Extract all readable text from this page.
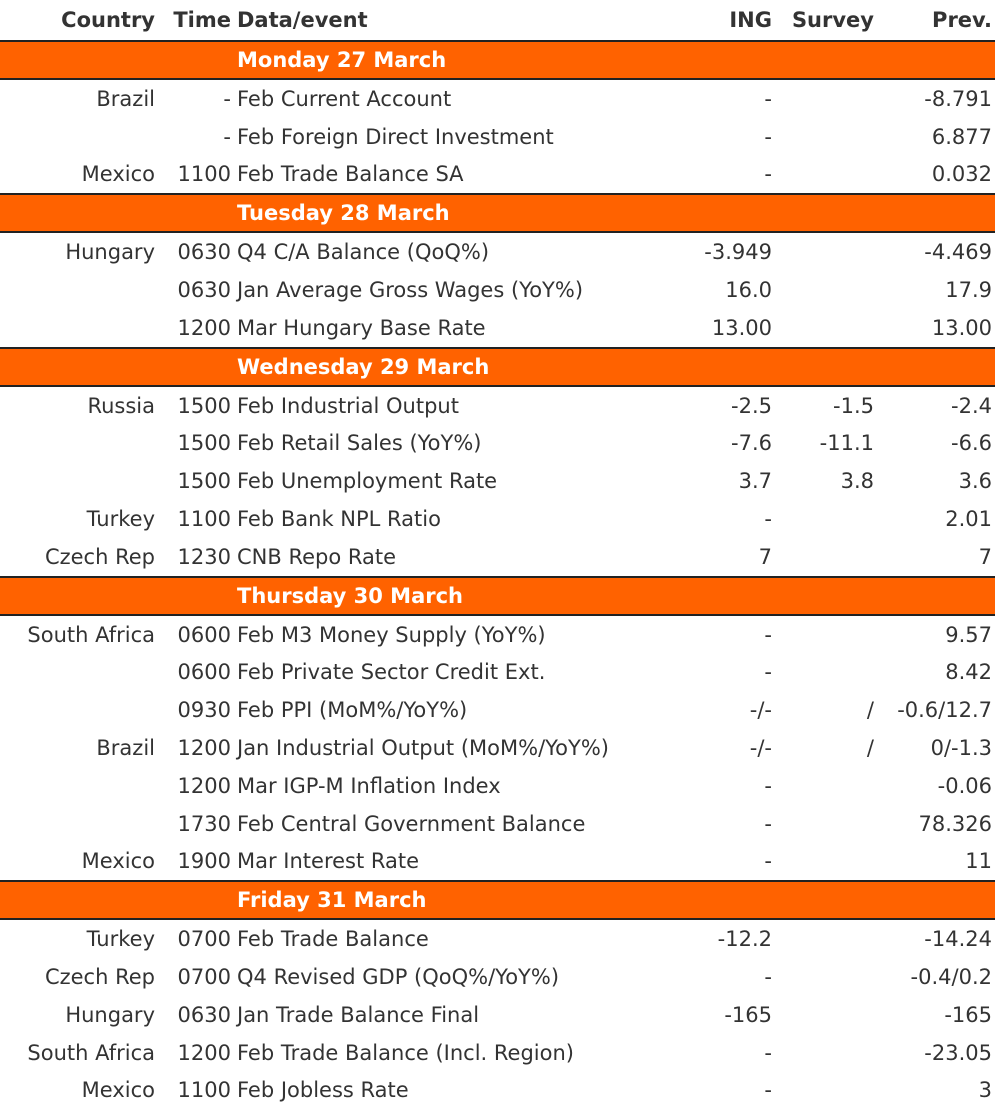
Country Time Data/event	ING Survey	Prev.
Monday 27 March
Brazil	- Feb Current Account	-	-8.791
- Feb Foreign Direct Investment	-	6.877
Mexico	1100 Feb Trade Balance SA	-	0.032
Tuesday 28 March
Hungary	0630 Q4 C/A Balance (QoQ%)	-3.949	-4.469
0630 Jan Average Gross Wages (YoY%)	16.0	17.9
1200 Mar Hungary Base Rate	13.00	13.00
Wednesday 29 March
Russia	1500 Feb Industrial Output	-2.5	-1.5	-2.4
1500 Feb Retail Sales (YoY%)	-7.6	-11.1	-6.6
1500 Feb Unemployment Rate	3.7	3.8	3.6
Turkey	1100 Feb Bank NPL Ratio	-	2.01
Czech Rep	1230 CNB Repo Rate	7	7
Thursday 30 March
South Africa	0600 Feb M3 Money Supply (YoY%)	-	9.57
0600 Feb Private Sector Credit Ext.	-	8.42
0930 Feb PPI (MoM%/YoY%)	-/-	/	-0.6/12.7
Brazil	1200 Jan Industrial Output (MoM%/YoY%)	-/-	/	0/-1.3
1200 Mar IGP-M Inflation Index	-	-0.06
1730 Feb Central Government Balance	-	78.326
Mexico	1900 Mar Interest Rate	-	11
Friday 31 March
Turkey	0700 Feb Trade Balance	-12.2	-14.24
Czech Rep	0700 Q4 Revised GDP (QoQ%/YoY%)	-	-0.4/0.2
Hungary	0630 Jan Trade Balance Final	-165	-165
South Africa	1200 Feb Trade Balance (Incl. Region)	-	-23.05
Mexico	1100 Feb Jobless Rate	-	3
